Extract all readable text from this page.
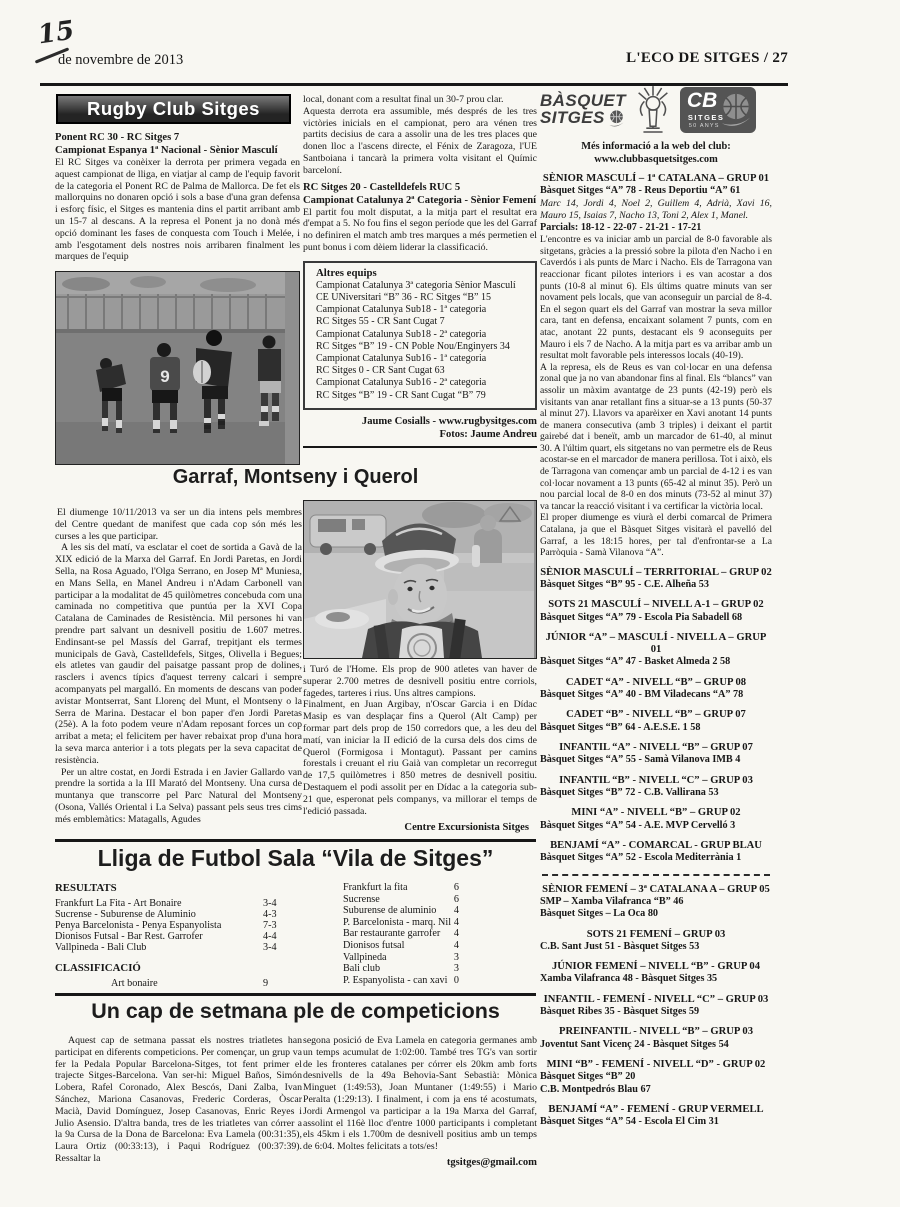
15
de novembre de 2013	L'ECO DE SITGES / 27
Rugby Club Sitges
Ponent RC 30 - RC Sitges 7
Campionat Espanya 1ª Nacional - Sènior Masculí
El RC Sitges va conèixer la derrota per primera vegada en aquest campionat de lliga, en viatjar al camp de l'equip favorit de la categoria el Ponent RC de Palma de Mallorca. De fet els mallorquins no donaren opció i sols a base d'una gran defensa i esforç físic, el Sitges es mantenia dins el partit arribant amb un 15-7 al descans. A la represa el Ponent ja no donà més opció dominant les fases de conquesta com Touch i Melée, i amb l'esgotament dels nostres nois arribaren finalment les marques de l'equip
9

local, donant com a resultat final un 30-7 prou clar.

Aquesta derrota era assumible, més després de les tres victòries inicials en el campionat, pero ara vénen tres partits decisius de cara a assolir una de les tres places que donen lloc a l'ascens directe, el Fénix de Zaragoza, l'UE Santboiana i tancarà la primera volta visitant el Químic barceloní.

RC Sitges 20 - Castelldefels RUC 5
Campionat Catalunya 2ª Categoria - Sènior Femení
El partit fou molt disputat, a la mitja part el resultat era d'empat a 5. No fou fins el segon període que les del Garraf no definiren el match amb tres marques a més permetien el punt bonus i com dèiem liderar la classificació.
Altres equips
Campionat Catalunya 3ª categoria Sènior Masculí
CE UNiversitari “B” 36 - RC Sitges “B” 15
Campionat Catalunya Sub18 - 1ª categoria
RC Sitges 55 - CR Sant Cugat 7
Campionat Catalunya Sub18 - 2ª categoria
RC Sitges “B” 19 - CN Poble Nou/Enginyers 34
Campionat Catalunya Sub16 - 1ª categoria
RC Sitges 0 - CR Sant Cugat 63
Campionat Catalunya Sub16 - 2ª categoria
RC Sitges “B” 19 - CR Sant Cugat “B” 79
Jaume Cosialls - www.rugbysitges.com
Fotos: Jaume Andreu
Garraf, Montseny i Querol

El diumenge 10/11/2013 va ser un dia intens pels membres del Centre quedant de manifest que cada cop són més les curses a les que participar.

A les sis del matí, va esclatar el coet de sortida a Gavà de la XIX edició de la Marxa del Garraf. En Jordi Paretas, en Jordi Sella, na Rosa Aguado, l'Olga Serrano, en Josep Mª Muniesa, en Mans Sella, en Manel Andreu i n'Adam Carbonell van participar a la modalitat de 45 quilòmetres concebuda com una caminada no competitiva que puntúa per la XVI Copa Catalana de Caminades de Resistència. Mil persones hi van prendre part salvant un desnivell positiu de 1.607 metres. Endinsant-se pel Massís del Garraf, trepitjant els termes municipals de Gavà, Castelldefels, Sitges, Olivella i Begues; els atletes van gaudir del paisatge passant prop de dolines, rasclers i avencs típics d'aquest terreny calcari i sempre acompanyats pel margalló. En moments de descans van poder avistar Montserrat, Sant Llorenç del Munt, el Montseny o la Serra de Marina. Destacar el bon paper d'en Jordi Paretas (25è). A la foto podem veure n'Adam reposant forces un cop arribat a meta; el felicitem per haver rebaixat prop d'una hora la seva marca anterior i a tots plegats per la seva capacitat de resistència.

Per un altre costat, en Jordi Estrada i en Javier Gallardo van prendre la sortida a la III Marató del Montseny. Una cursa de muntanya que transcorre pel Parc Natural del Montseny (Osona, Vallés Oriental i La Selva) passant pels seus tres cims més emblemàtics: Matagalls, Agudes

i Turó de l'Home. Els prop de 900 atletes van haver de superar 2.700 metres de desnivell positiu entre corriols, fagedes, tarteres i rius. Uns altres campions.

Finalment, en Juan Argibay, n'Oscar Garcia i en Dídac Masip es van desplaçar fins a Querol (Alt Camp) per formar part dels prop de 150 corredors que, a les deu del matí, van iniciar la II edició de la cursa dels dos cims de Querol (Formigosa i Montagut). Passant per camins forestals i creuant el riu Gaià van completar un recorregut de 17,5 quilòmetres i 850 metres de desnivell positiu. Destaquem el podi assolit per en Dídac a la categoria sub-21 que, esperonat pels companys, va millorar el temps de l'edició passada.

Centre Excursionista Sitges
Lliga de Futbol Sala “Vila de Sitges”
RESULTATS
Frankfurt La Fita - Art Bonaire	3-4
Sucrense - Suburense de Aluminio	4-3
Penya Barcelonista - Penya Espanyolista	7-3
Dionisos Futsal - Bar Rest. Garrofer	4-4
Vallpineda - Bali Club	3-4
CLASSIFICACIÓ
Art bonaire	9
Frankfurt la fita	6
Sucrense	6
Suburense de aluminio 4
P. Barcelonista - marq. Nil 4
Bar restaurante garrofer 4
Dionisos futsal	4
Vallpineda	3
Bali club	3
P. Espanyolista - can xavi 0
Un cap de setmana ple de competicions

Aquest cap de setmana passat els nostres triatletes han participat en diferents competicions. Per començar, un grup va fer la Pedala Popular Barcelona-Sitges, tot fent primer el trajecte Sitges-Barcelona. Van ser-hi: Miguel Baños, Simón Lobera, Rafel Coronado, Alex Bescós, Dani Zalba, Ivan Sánchez, Mariona Casanovas, Frederic Corderas, Òscar Macià, David Domínguez, Josep Casanovas, Enric Reyes i Julio Asensio. D'altra banda, tres de les triatletes van córrer a la 9a Cursa de la Dona de Barcelona: Eva Lamela (00:31:35), Laura Ortiz (00:33:13), i Paqui Rodríguez (00:37:39). Ressaltar la

segona posició de Eva Lamela en categoria germanes amb un temps acumulat de 1:02:00. També tres TG's van sortir de les fronteres catalanes per córrer els 20km amb forts desnivells de la 49a Behovia-Sant Sebastià: Mònica Minguet (1:49:53), Joan Muntaner (1:49:55) i Mario Peralta (1:29:13). I finalment, i com ja ens té acostumats, Jordi Armengol va participar a la 19a Marxa del Garraf, assolint el 116è lloc d'entre 1000 participants i completant els 45km i els 1.700m de desnivell positius amb un temps de 6:04. Moltes felicitats a tots/es!
tgsitges@gmail.com
BÀSQUET
SITGES
CB
SITGES
50 ANYS
Més informació a la web del club:
www.clubbasquetsitges.com
SÈNIOR MASCULÍ – 1ª CATALANA – GRUP 01
Bàsquet Sitges “A” 78 - Reus Deportiu “A” 61
Marc 14, Jordi 4, Noel 2, Guillem 4, Adrià, Xavi 16, Mauro 15, Isaias 7, Nacho 13, Toni 2, Alex 1, Manel.
Parcials: 18-12 - 22-07 - 21-21 - 17-21

L'encontre es va iniciar amb un parcial de 8-0 favorable als sitgetans, gràcies a la pressió sobre la pilota d'en Nacho i en Caverdós i als punts de Marc i Nacho. Els de Tarragona van reaccionar ficant pilotes interiors i es van acostar a dos punts (10-8 al minut 6). Els últims quatre minuts van ser novament pels locals, que van aconseguir un parcial de 8-4. En el segon quart els del Garraf van mostrar la seva millor cara, tant en defensa, encaixant solament 7 punts, com en atac, anotant 22 punts, destacant els 9 aconseguits per Mauro i els 7 de Nacho. A la mitja part es va arribar amb un resultat molt favorable pels interessos locals (40-19).

A la represa, els de Reus es van col·locar en una defensa zonal que ja no van abandonar fins al final. Els “blancs” van assolir un màxim avantatge de 23 punts (42-19) però els visitants van anar retallant fins a situar-se a 13 punts (50-37 al minut 27). Llavors va aparèixer en Xavi anotant 14 punts de manera consecutiva (amb 3 triples) i deixant el partit gairebé dat i beneït, amb un marcador de 61-40, al minut 30. A l'últim quart, els sitgetans no van permetre els de Reus acostar-se en el marcador de manera perillosa. Tot i això, els de Tarragona van començar amb un parcial de 4-12 i es van col·locar novament a 13 punts (65-42 al minut 35). Però un nou parcial local de 8-0 en dos minuts (73-52 al minut 37) va tancar la reacció visitant i va certificar la victòria local.

El proper diumenge es viurà el derbi comarcal de Primera Catalana, ja que el Bàsquet Sitges visitarà el pavelló del Garraf, a les 18:15 hores, per tal d'enfrontar-se a La Parròquia - Samà Vilanova “A”.

SÈNIOR MASCULÍ – TERRITORIAL – GRUP 02
Bàsquet Sitges “B” 95 - C.E. Alheña 53
SOTS 21 MASCULÍ – NIVELL A-1 – GRUP 02
Bàsquet Sitges “A” 79 - Escola Pia Sabadell 68
JÚNIOR “A” – MASCULÍ - NIVELL A – GRUP 01
Bàsquet Sitges “A” 47 - Basket Almeda 2 58
CADET “A” - NIVELL “B” – GRUP 08
Bàsquet Sitges “A” 40 - BM Viladecans “A” 78
CADET “B” - NIVELL “B” – GRUP 07
Bàsquet Sitges “B” 64 - A.E.S.E. 1 58
INFANTIL “A” - NIVELL “B” – GRUP 07
Bàsquet Sitges “A” 55 - Samà Vilanova IMB 4
INFANTIL “B” - NIVELL “C” – GRUP 03
Bàsquet Sitges “B” 72 - C.B. Vallirana 53
MINI “A” - NIVELL “B” – GRUP 02
Bàsquet Sitges “A” 54 - A.E. MVP Cervelló 3
BENJAMÍ “A” - COMARCAL - GRUP BLAU
Bàsquet Sitges “A” 52 - Escola Mediterrània 1
SÈNIOR FEMENÍ – 3ª CATALANA A – GRUP 05
SMP – Xamba Vilafranca “B” 46
Bàsquet Sitges – La Oca 80
SOTS 21 FEMENÍ – GRUP 03
C.B. Sant Just 51 - Bàsquet Sitges 53
JÚNIOR FEMENÍ – NIVELL “B” - GRUP 04
Xamba Vilafranca 48 - Bàsquet Sitges 35
INFANTIL - FEMENÍ - NIVELL “C” – GRUP 03
Bàsquet Ribes 35 - Bàsquet Sitges 59
PREINFANTIL - NIVELL “B” – GRUP 03
Joventut Sant Vicenç 24 - Bàsquet Sitges 54
MINI “B” - FEMENÍ - NIVELL “D” - GRUP 02
Bàsquet Sitges “B” 20
C.B. Montpedrós Blau 67
BENJAMÍ “A” - FEMENÍ - GRUP VERMELL
Bàsquet Sitges “A” 54 - Escola El Cim 31
